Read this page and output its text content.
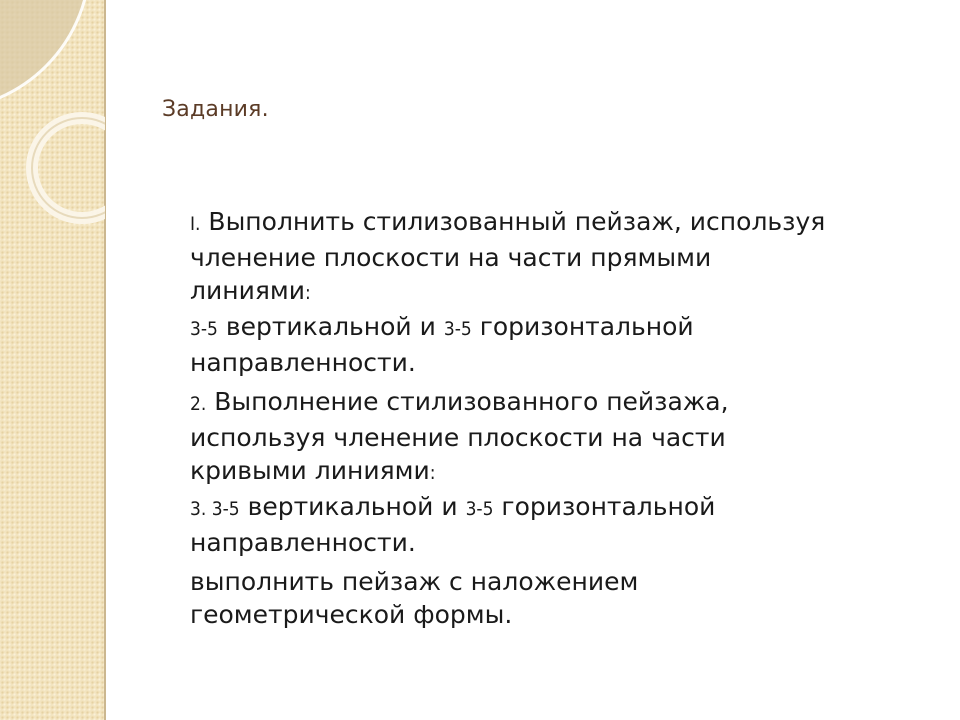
Задания.
I. Выполнить стилизованный пейзаж, используя
членение плоскости на части прямыми
линиями:
3-5 вертикальной и 3-5 горизонтальной
направленности.
2. Выполнение стилизованного пейзажа,
используя членение плоскости на части
кривыми линиями:
3. 3-5 вертикальной и 3-5 горизонтальной
направленности.
выполнить пейзаж с наложением
геометрической формы.
